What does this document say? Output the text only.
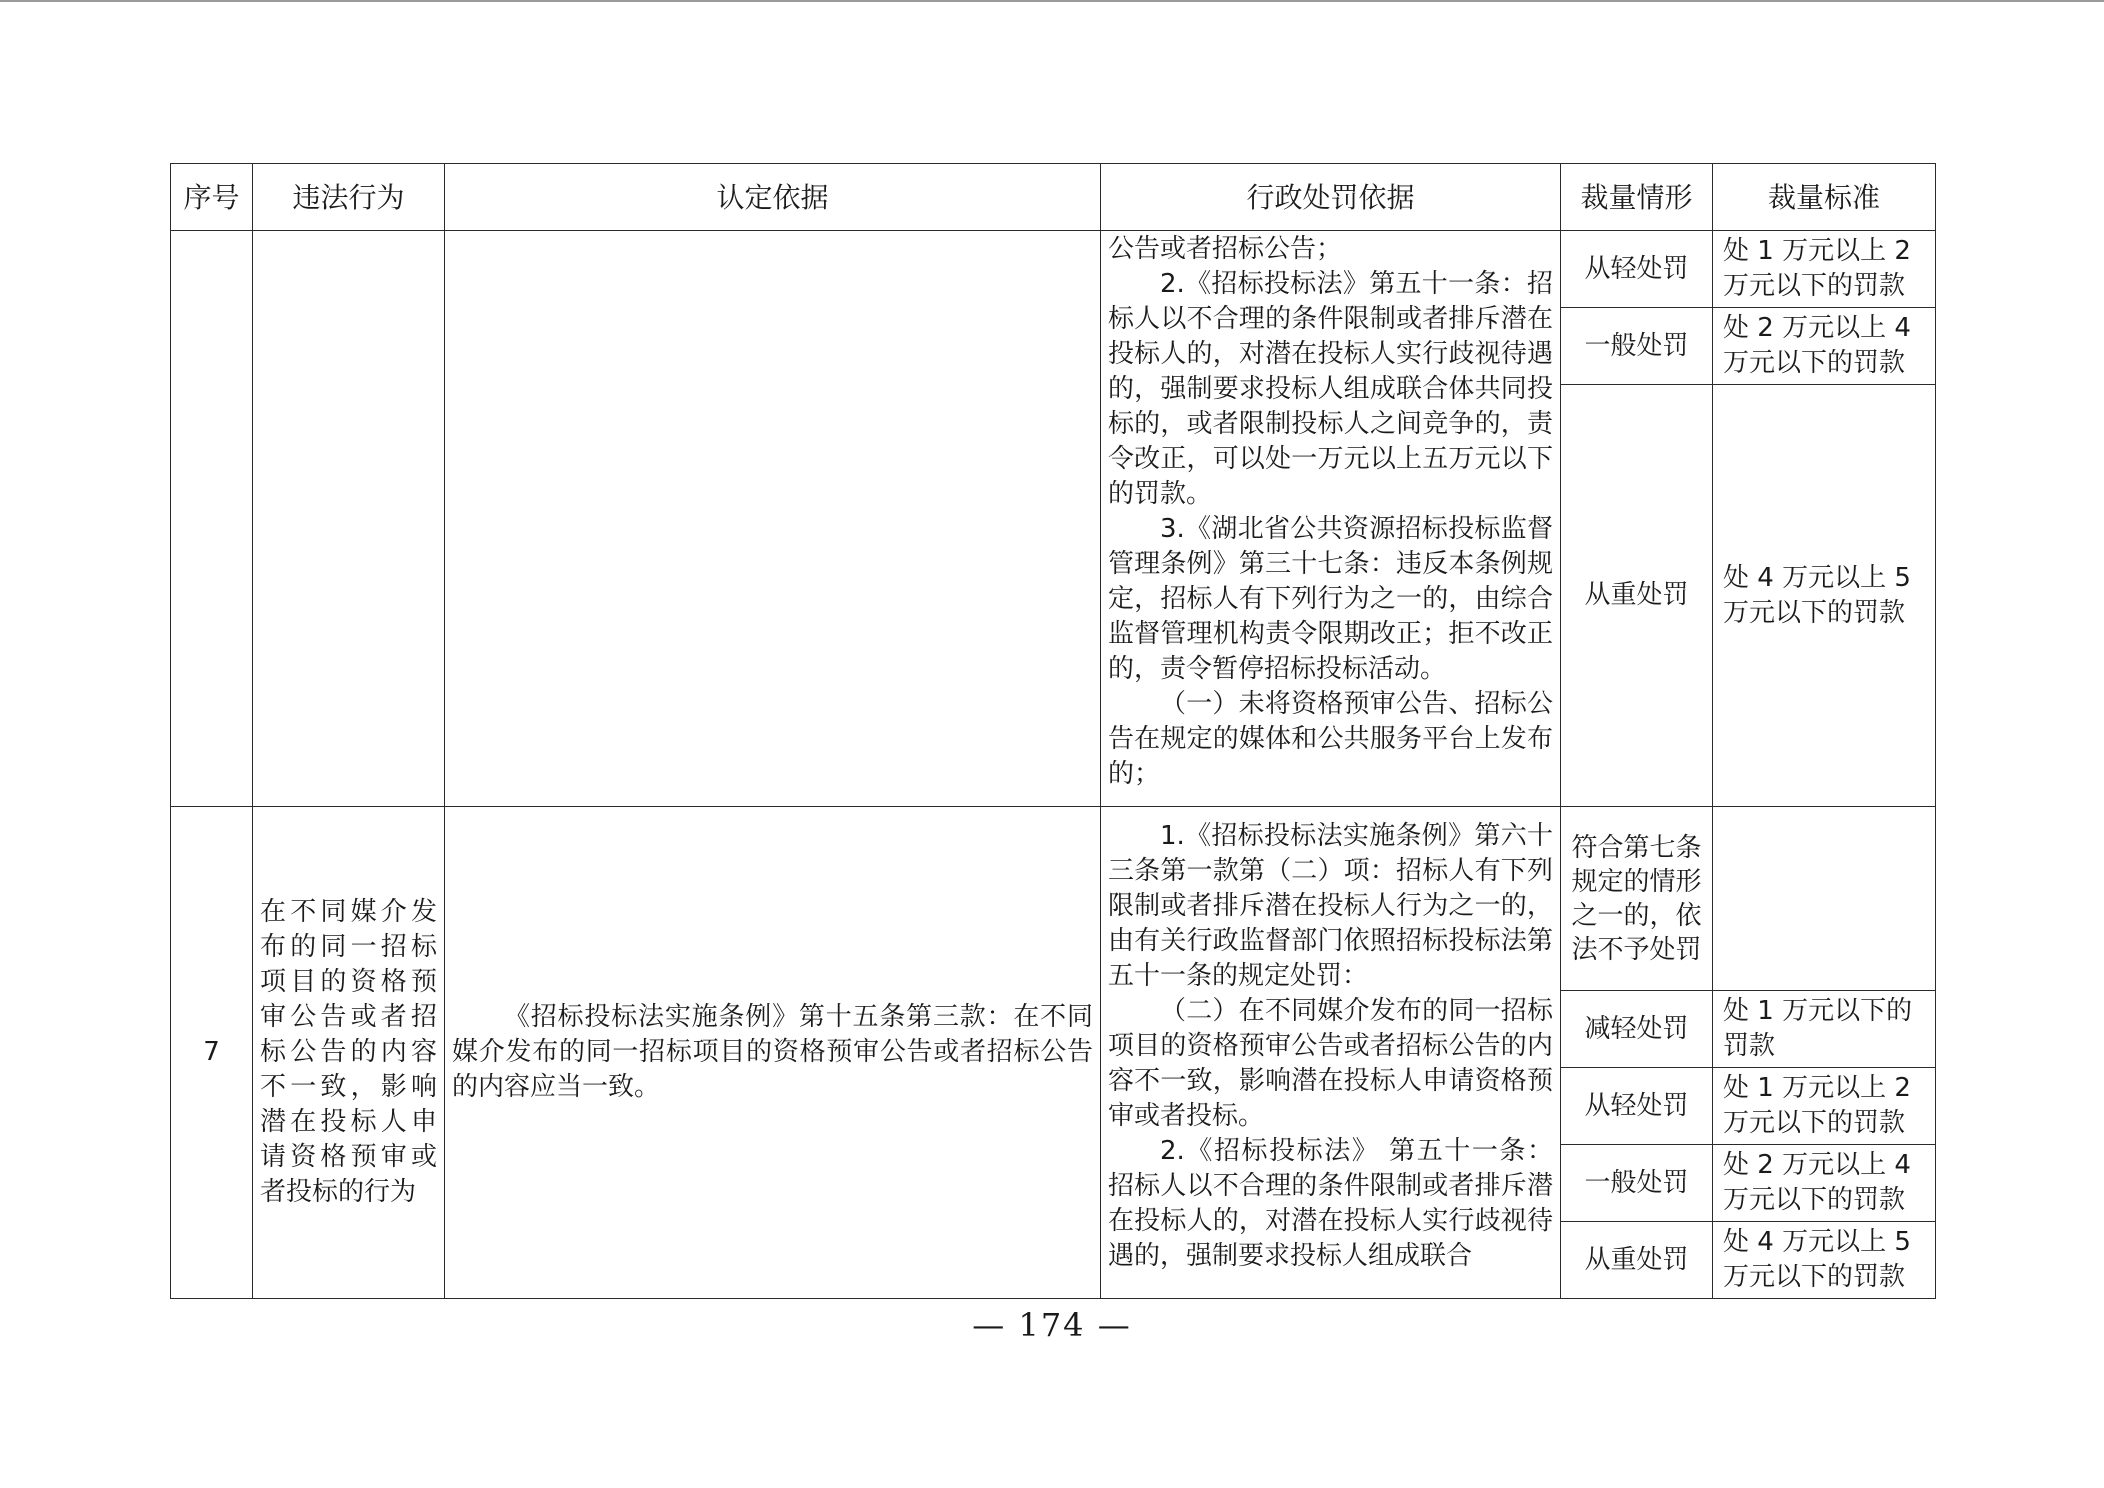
序号	违法行为	认定依据	行政处罚依据	裁量情形	裁量标准

			公告或者招标公告；

2.《招标投标法》第五十一条：招标人以不合理的条件限制或者排斥潜在投标人的，对潜在投标人实行歧视待遇的，强制要求投标人组成联合体共同投标的，或者限制投标人之间竞争的，责令改正，可以处一万元以上五万元以下的罚款。

3.《湖北省公共资源招标投标监督管理条例》第三十七条：违反本条例规定，招标人有下列行为之一的，由综合监督管理机构责令限期改正；拒不改正的，责令暂停招标投标活动。

（一）未将资格预审公告、招标公告在规定的媒体和公共服务平台上发布的；	从轻处罚	处 1 万元以上 2 万元以下的罚款
				一般处罚	处 2 万元以上 4 万元以下的罚款
				从重处罚	处 4 万元以上 5 万元以下的罚款
7	在不同媒介发布的同一招标项目的资格预审公告或者招标公告的内容不一致，影响潜在投标人申请资格预审或者投标的行为	《招标投标法实施条例》第十五条第三款：在不同媒介发布的同一招标项目的资格预审公告或者招标公告的内容应当一致。	1.《招标投标法实施条例》第六十三条第一款第（二）项：招标人有下列限制或者排斥潜在投标人行为之一的，由有关行政监督部门依照招标投标法第五十一条的规定处罚：

（二）在不同媒介发布的同一招标项目的资格预审公告或者招标公告的内容不一致，影响潜在投标人申请资格预审或者投标。

2.《招标投标法》 第五十一条：招标人以不合理的条件限制或者排斥潜在投标人的，对潜在投标人实行歧视待遇的，强制要求投标人组成联合	符合第七条规定的情形之一的，依法不予处罚	
				减轻处罚	处 1 万元以下的罚款
				从轻处罚	处 1 万元以上 2 万元以下的罚款
				一般处罚	处 2 万元以上 4 万元以下的罚款
				从重处罚	处 4 万元以上 5 万元以下的罚款
— 174 —
